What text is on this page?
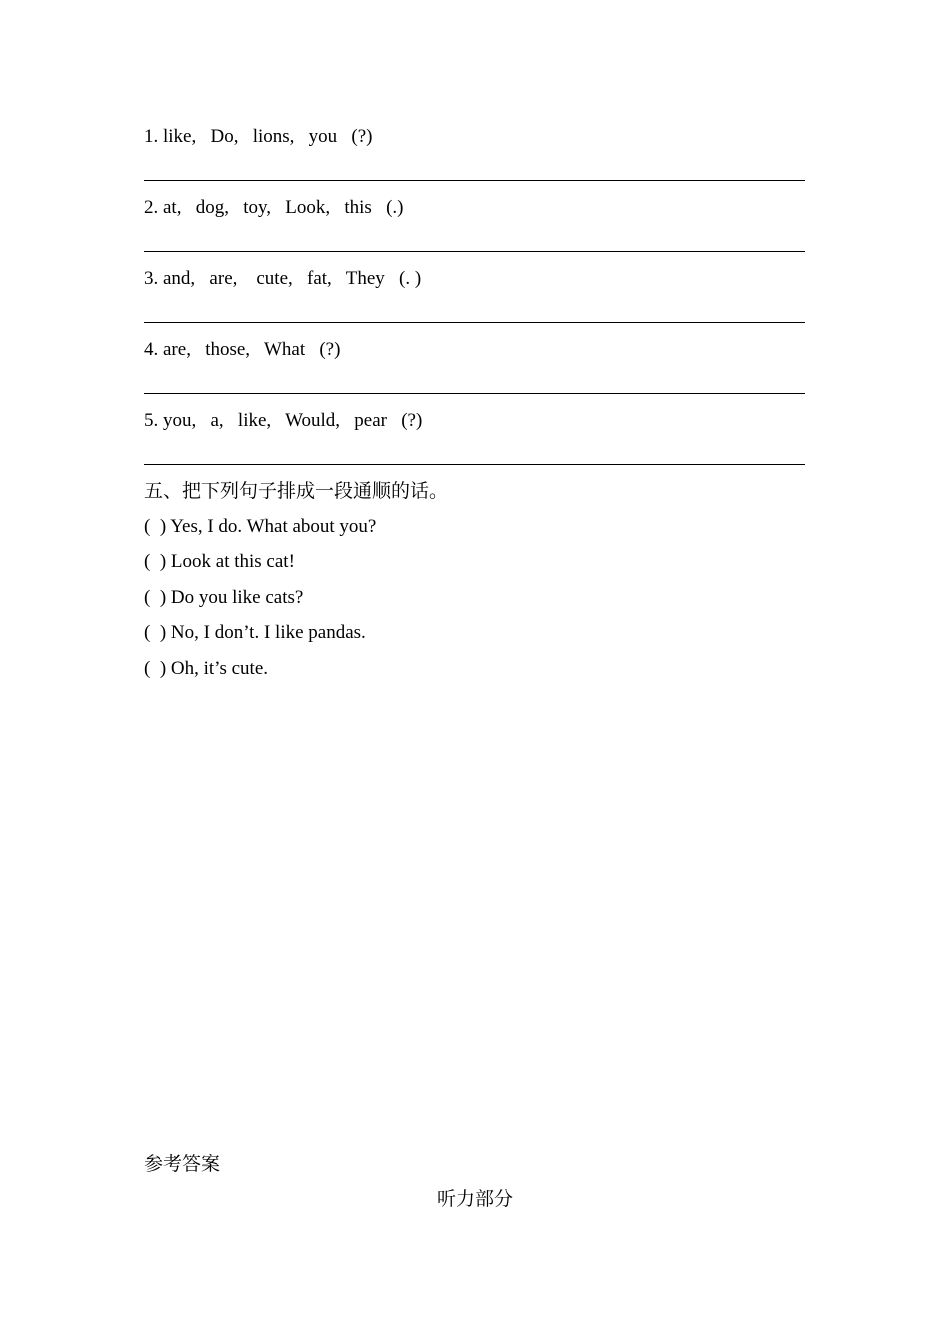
1. like,   Do,   lions,   you   (?)
2. at,   dog,   toy,   Look,   this   (.)
3. and,   are,    cute,   fat,   They   (. )
4. are,   those,   What   (?)
5. you,   a,   like,   Would,   pear   (?)
五、把下列句子排成一段通顺的话。
(  ) Yes, I do. What about you?
(  ) Look at this cat!
(  ) Do you like cats?
(  ) No, I don’t. I like pandas.
(  ) Oh, it’s cute.
参考答案
听力部分
